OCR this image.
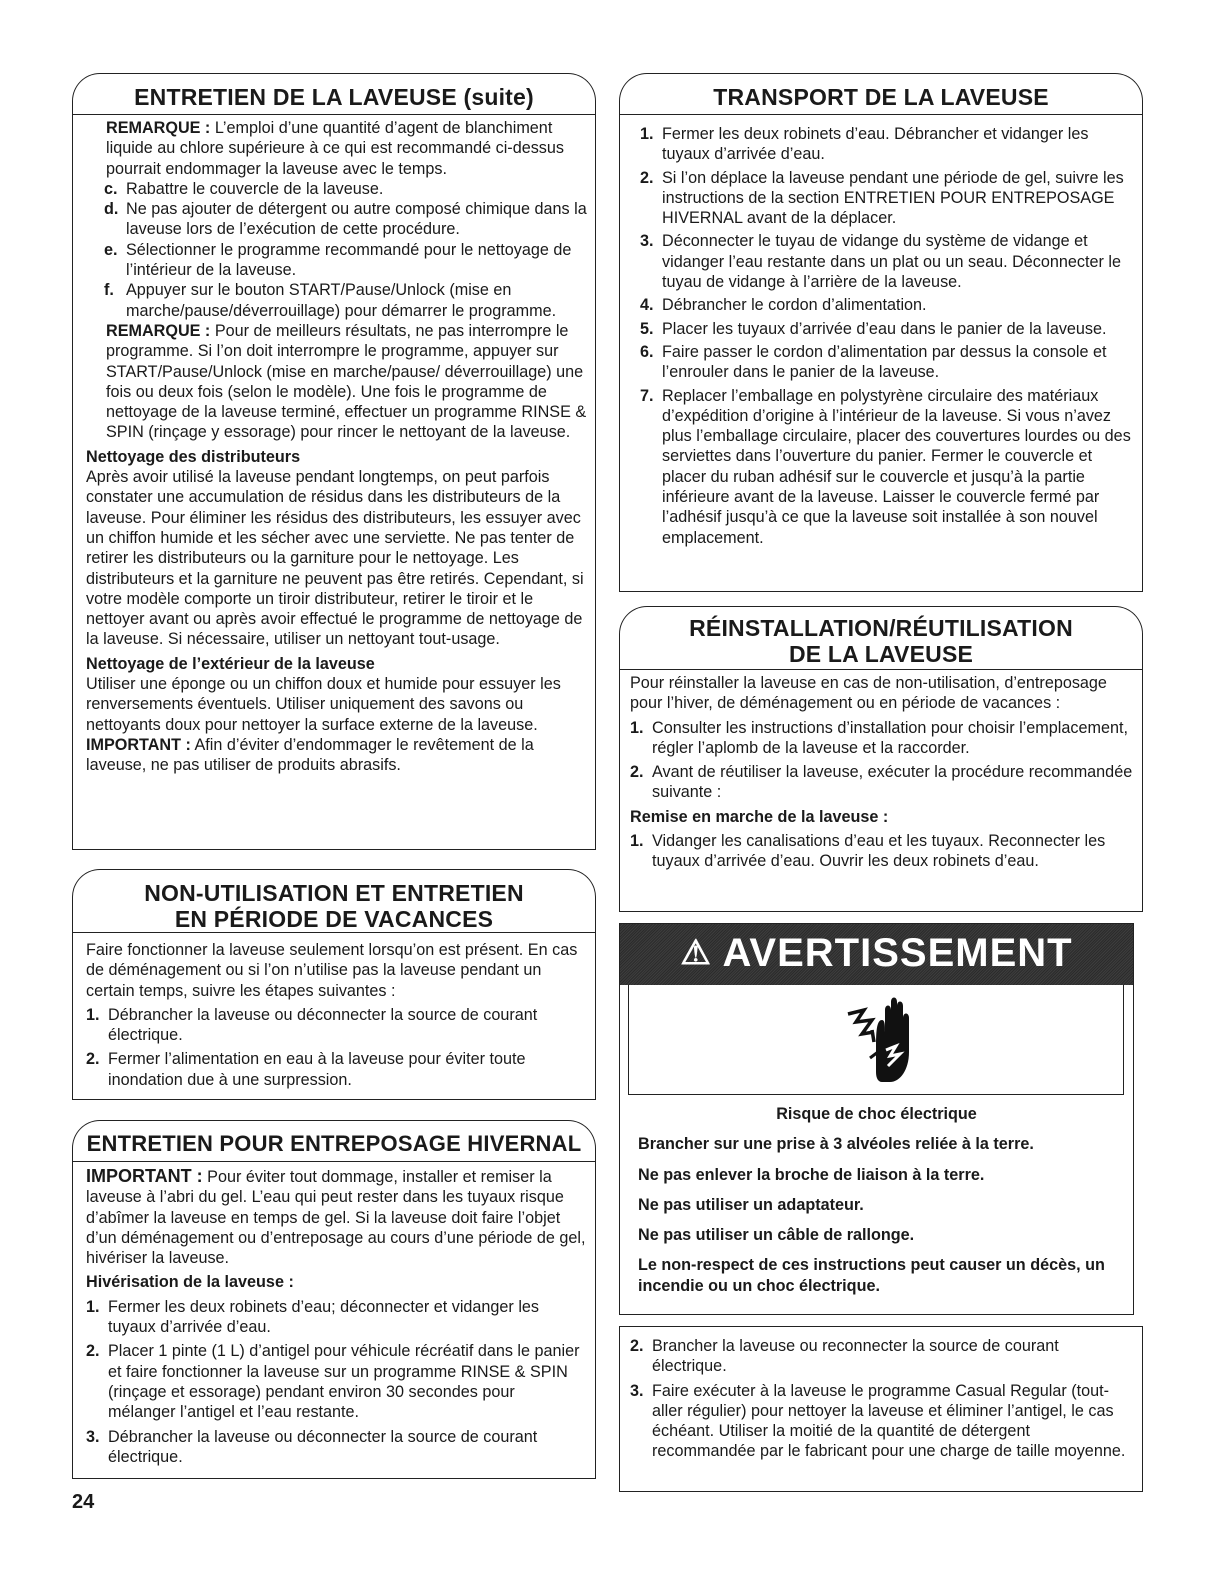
ENTRETIEN DE LA LAVEUSE (suite)

REMARQUE : L’emploi d’une quantité d’agent de blanchiment liquide au chlore supérieure à ce qui est recommandé ci-dessus pourrait endommager la laveuse avec le temps.

c. Rabattre le couvercle de la laveuse.
d. Ne pas ajouter de détergent ou autre composé chimique dans la laveuse lors de l’exécution de cette procédure.
e. Sélectionner le programme recommandé pour le nettoyage de l’intérieur de la laveuse.
f. Appuyer sur le bouton START/Pause/Unlock (mise en marche/pause/déverrouillage) pour démarrer le programme.

REMARQUE : Pour de meilleurs résultats, ne pas interrompre le programme. Si l’on doit interrompre le programme, appuyer sur START/Pause/Unlock (mise en marche/pause/ déverrouillage) une fois ou deux fois (selon le modèle). Une fois le programme de nettoyage de la laveuse terminé, effectuer un programme RINSE & SPIN (rinçage y essorage) pour rincer le nettoyant de la laveuse.

Nettoyage des distributeurs

Après avoir utilisé la laveuse pendant longtemps, on peut parfois constater une accumulation de résidus dans les distributeurs de la laveuse. Pour éliminer les résidus des distributeurs, les essuyer avec un chiffon humide et les sécher avec une serviette. Ne pas tenter de retirer les distributeurs ou la garniture pour le nettoyage. Les distributeurs et la garniture ne peuvent pas être retirés. Cependant, si votre modèle comporte un tiroir distributeur, retirer le tiroir et le nettoyer avant ou après avoir effectué le programme de nettoyage de la laveuse. Si nécessaire, utiliser un nettoyant tout-usage.

Nettoyage de l’extérieur de la laveuse

Utiliser une éponge ou un chiffon doux et humide pour essuyer les renversements éventuels. Utiliser uniquement des savons ou nettoyants doux pour nettoyer la surface externe de la laveuse.

IMPORTANT : Afin d’éviter d’endommager le revêtement de la laveuse, ne pas utiliser de produits abrasifs.

NON-UTILISATION ET ENTRETIEN
EN PÉRIODE DE VACANCES

Faire fonctionner la laveuse seulement lorsqu’on est présent. En cas de déménagement ou si l’on n’utilise pas la laveuse pendant un certain temps, suivre les étapes suivantes :

1. Débrancher la laveuse ou déconnecter la source de courant électrique.
2. Fermer l’alimentation en eau à la laveuse pour éviter toute inondation due à une surpression.
ENTRETIEN POUR ENTREPOSAGE HIVERNAL

IMPORTANT : Pour éviter tout dommage, installer et remiser la laveuse à l’abri du gel. L’eau qui peut rester dans les tuyaux risque d’abîmer la laveuse en temps de gel. Si la laveuse doit faire l’objet d’un déménagement ou d’entreposage au cours d’une période de gel, hivériser la laveuse.

Hivérisation de la laveuse :

1. Fermer les deux robinets d’eau; déconnecter et vidanger les tuyaux d’arrivée d’eau.
2. Placer 1 pinte (1 L) d’antigel pour véhicule récréatif dans le panier et faire fonctionner la laveuse sur un programme RINSE & SPIN (rinçage et essorage) pendant environ 30 secondes pour mélanger l’antigel et l’eau restante.
3. Débrancher la laveuse ou déconnecter la source de courant électrique.
24
TRANSPORT DE LA LAVEUSE
1. Fermer les deux robinets d’eau. Débrancher et vidanger les tuyaux d’arrivée d’eau.
2. Si l’on déplace la laveuse pendant une période de gel, suivre les instructions de la section ENTRETIEN POUR ENTREPOSAGE HIVERNAL avant de la déplacer.
3. Déconnecter le tuyau de vidange du système de vidange et vidanger l’eau restante dans un plat ou un seau. Déconnecter le tuyau de vidange à l’arrière de la laveuse.
4. Débrancher le cordon d’alimentation.
5. Placer les tuyaux d’arrivée d’eau dans le panier de la laveuse.
6. Faire passer le cordon d’alimentation par dessus la console et l’enrouler dans le panier de la laveuse.
7. Replacer l’emballage en polystyrène circulaire des matériaux d’expédition d’origine à l’intérieur de la laveuse. Si vous n’avez plus l’emballage circulaire, placer des couvertures lourdes ou des serviettes dans l’ouverture du panier. Fermer le couvercle et placer du ruban adhésif sur le couvercle et jusqu’à la partie inférieure avant de la laveuse. Laisser le couvercle fermé par l’adhésif jusqu’à ce que la laveuse soit installée à son nouvel emplacement.
RÉINSTALLATION/RÉUTILISATION
DE LA LAVEUSE

Pour réinstaller la laveuse en cas de non-utilisation, d’entreposage pour l’hiver, de déménagement ou en période de vacances :

1. Consulter les instructions d’installation pour choisir l’emplacement, régler l’aplomb de la laveuse et la raccorder.
2. Avant de réutiliser la laveuse, exécuter la procédure recommandée suivante :

Remise en marche de la laveuse :

1. Vidanger les canalisations d’eau et les tuyaux. Reconnecter les tuyaux d’arrivée d’eau. Ouvrir les deux robinets d’eau.
⚠ AVERTISSEMENT

Risque de choc électrique

Brancher sur une prise à 3 alvéoles reliée à la terre.

Ne pas enlever la broche de liaison à la terre.

Ne pas utiliser un adaptateur.

Ne pas utiliser un câble de rallonge.

Le non-respect de ces instructions peut causer un décès, un incendie ou un choc électrique.

2. Brancher la laveuse ou reconnecter la source de courant électrique.
3. Faire exécuter à la laveuse le programme Casual Regular (tout-aller régulier) pour nettoyer la laveuse et éliminer l’antigel, le cas échéant. Utiliser la moitié de la quantité de détergent recommandée par le fabricant pour une charge de taille moyenne.
